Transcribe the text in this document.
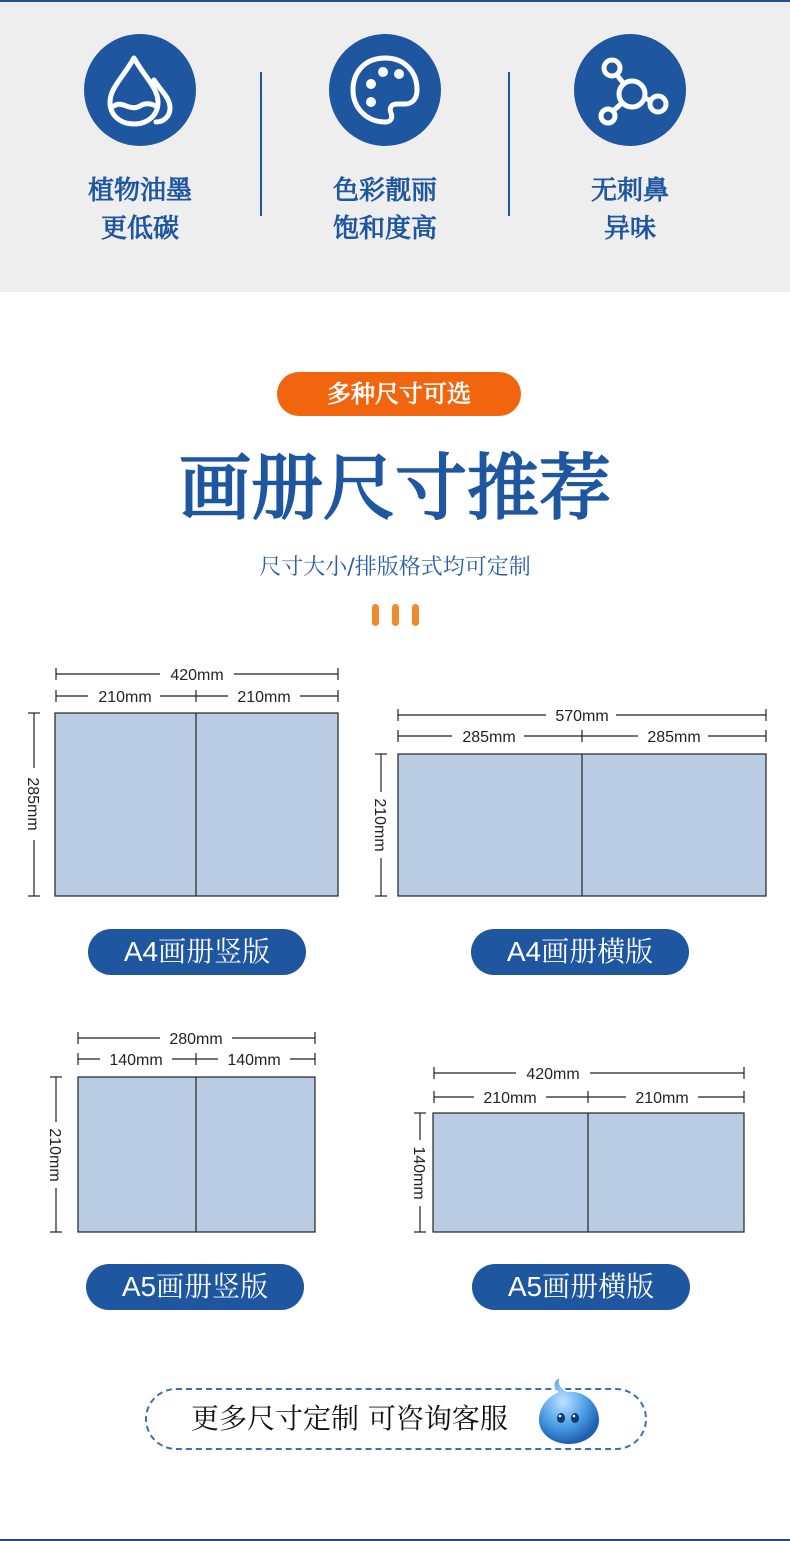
植物油墨
更低碳
色彩靓丽
饱和度高
无刺鼻
异味
多种尺寸可选
画册尺寸推荐
尺寸大小/排版格式均可定制
420mm
210mm	210mm
285mm
570mm
285mm	285mm
210mm
280mm
140mm	140mm
210mm
420mm
210mm	210mm
140mm
A4画册竖版	A4画册横版
A5画册竖版	A5画册横版
更多尺寸定制 可咨询客服
